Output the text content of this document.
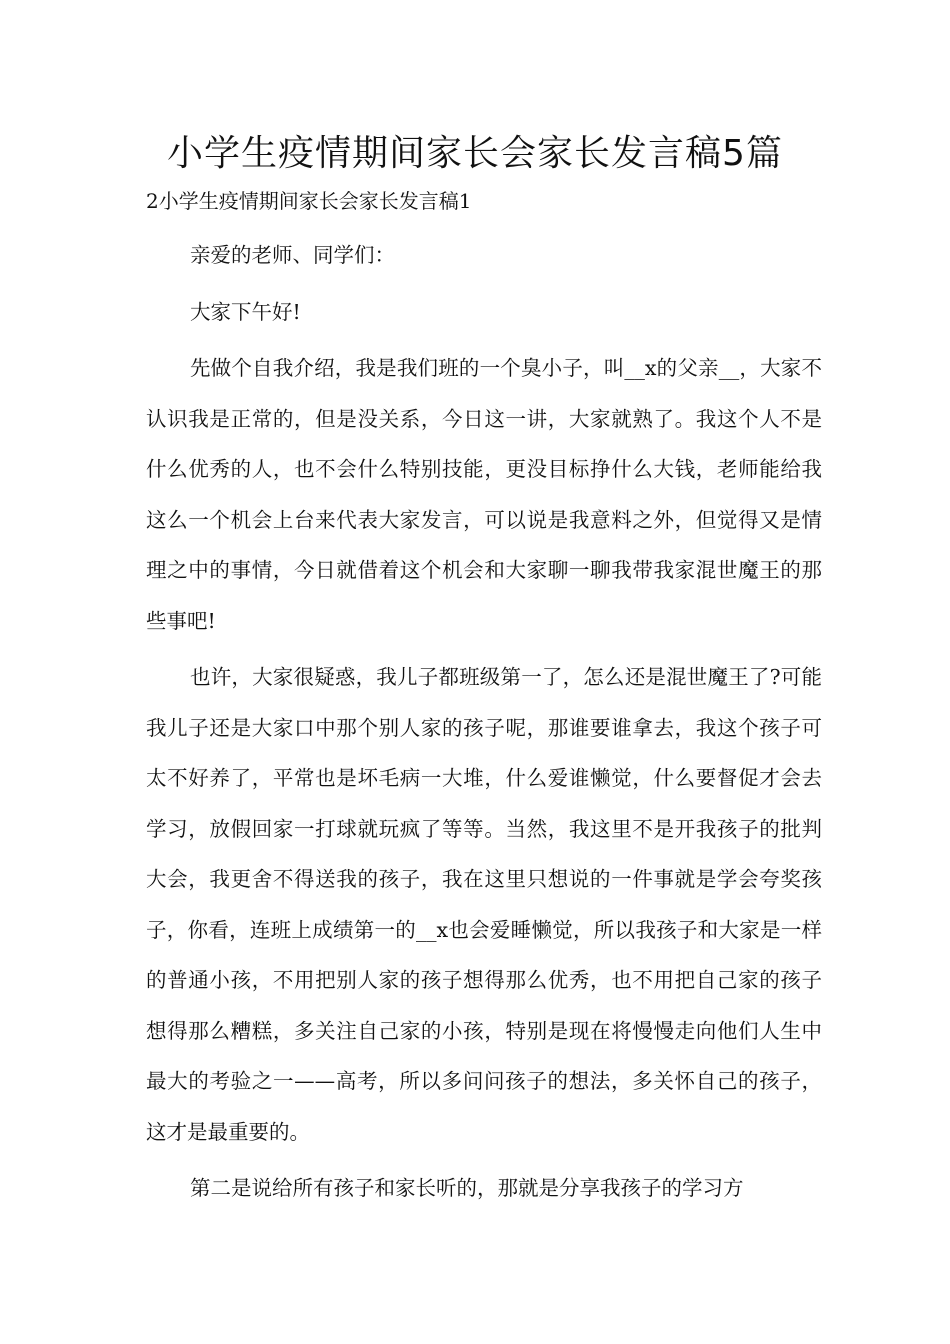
小学生疫情期间家长会家长发言稿5篇

2小学生疫情期间家长会家长发言稿1

亲爱的老师、同学们：

大家下午好!

先做个自我介绍，我是我们班的一个臭小子，叫__x的父亲__，大家不认识我是正常的，但是没关系，今日这一讲，大家就熟了。我这个人不是什么优秀的人，也不会什么特别技能，更没目标挣什么大钱，老师能给我这么一个机会上台来代表大家发言，可以说是我意料之外，但觉得又是情理之中的事情，今日就借着这个机会和大家聊一聊我带我家混世魔王的那些事吧!

也许，大家很疑惑，我儿子都班级第一了，怎么还是混世魔王了?可能我儿子还是大家口中那个别人家的孩子呢，那谁要谁拿去，我这个孩子可太不好养了，平常也是坏毛病一大堆，什么爱谁懒觉，什么要督促才会去学习，放假回家一打球就玩疯了等等。当然，我这里不是开我孩子的批判大会，我更舍不得送我的孩子，我在这里只想说的一件事就是学会夸奖孩子，你看，连班上成绩第一的__x也会爱睡懒觉，所以我孩子和大家是一样的普通小孩，不用把别人家的孩子想得那么优秀，也不用把自己家的孩子想得那么糟糕，多关注自己家的小孩，特别是现在将慢慢走向他们人生中最大的考验之一——高考，所以多问问孩子的想法，多关怀自己的孩子，这才是最重要的。

第二是说给所有孩子和家长听的，那就是分享我孩子的学习方
